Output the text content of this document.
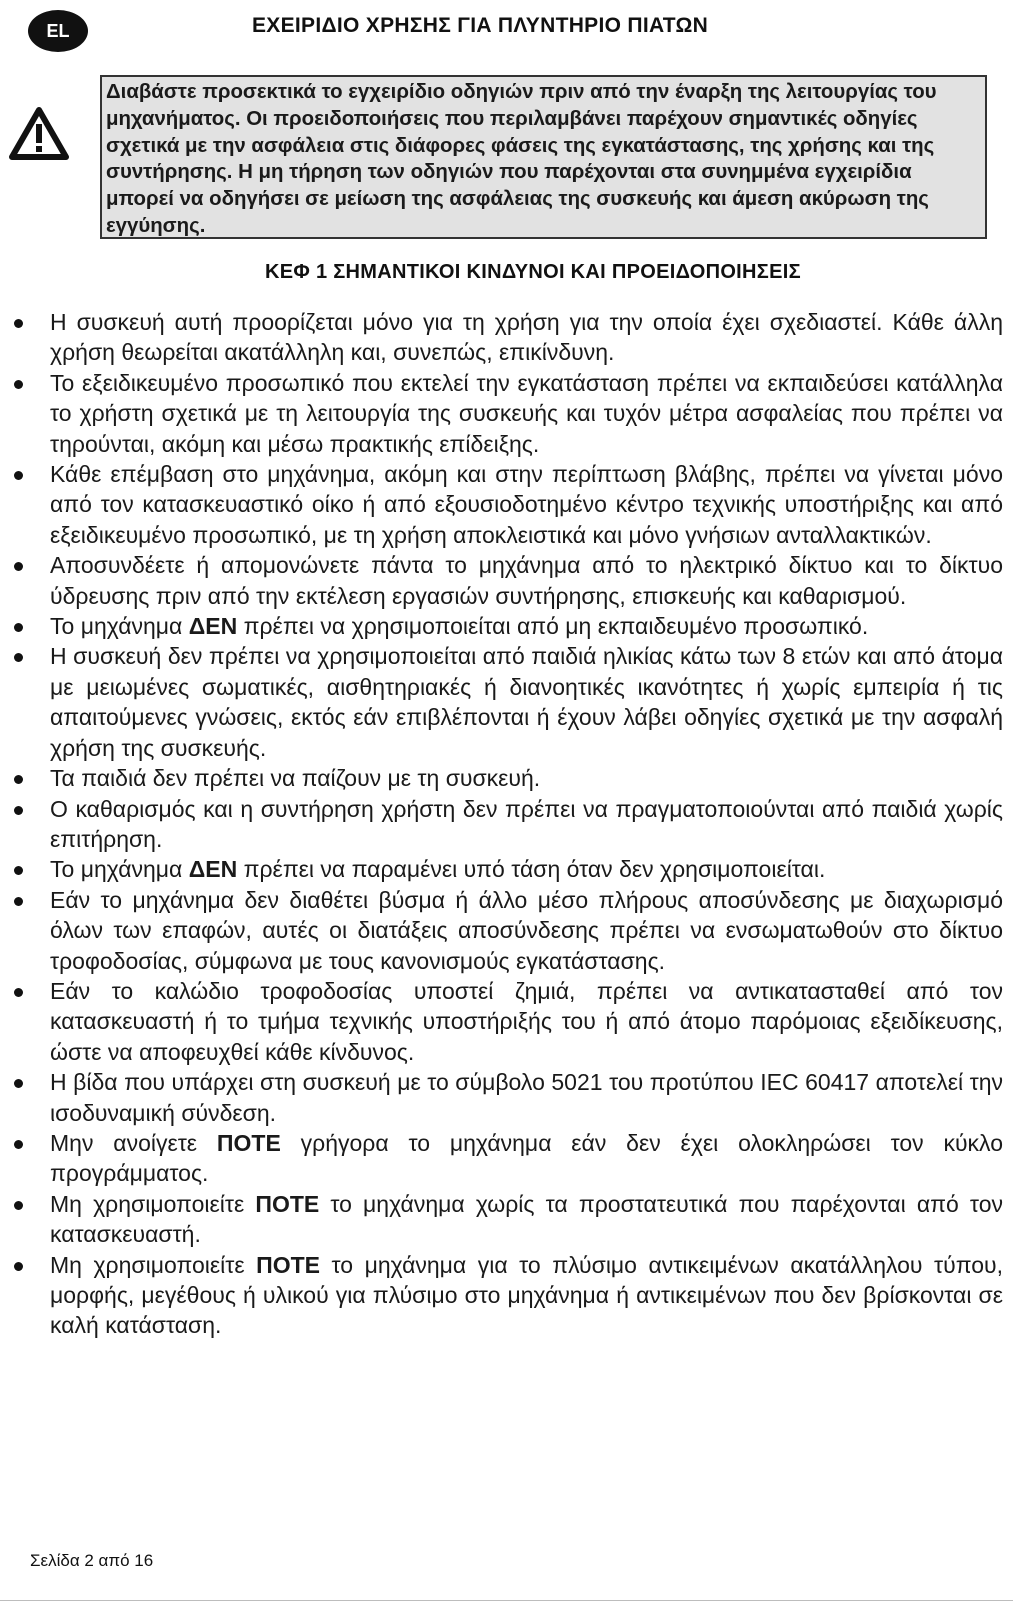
EL	ΕΧΕΙΡΙΔΙΟ ΧΡΗΣΗΣ ΓΙΑ ΠΛΥΝΤΗΡΙΟ ΠΙΑΤΩΝ
Διαβάστε προσεκτικά το εγχειρίδιο οδηγιών πριν από την έναρξη της λειτουργίας του μηχανήματος. Οι προειδοποιήσεις που περιλαμβάνει παρέχουν σημαντικές οδηγίες σχετικά με την ασφάλεια στις διάφορες φάσεις της εγκατάστασης, της χρήσης και της συντήρησης. Η μη τήρηση των οδηγιών που παρέχονται στα συνημμένα εγχειρίδια μπορεί να οδηγήσει σε μείωση της ασφάλειας της συσκευής και άμεση ακύρωση της εγγύησης.
ΚΕΦ 1 ΣΗΜΑΝΤΙΚΟΙ ΚΙΝΔΥΝΟΙ ΚΑΙ ΠΡΟΕΙΔΟΠΟΙΗΣΕΙΣ
Η συσκευή αυτή προορίζεται μόνο για τη χρήση για την οποία έχει σχεδιαστεί. Κάθε άλλη χρήση θεωρείται ακατάλληλη και, συνεπώς, επικίνδυνη.
Το εξειδικευμένο προσωπικό που εκτελεί την εγκατάσταση πρέπει να εκπαιδεύσει κατάλληλα το χρήστη σχετικά με τη λειτουργία της συσκευής και τυχόν μέτρα ασφαλείας που πρέπει να τηρούνται, ακόμη και μέσω πρακτικής επίδειξης.
Κάθε επέμβαση στο μηχάνημα, ακόμη και στην περίπτωση βλάβης, πρέπει να γίνεται μόνο από τον κατασκευαστικό οίκο ή από εξουσιοδοτημένο κέντρο τεχνικής υποστήριξης και από εξειδικευμένο προσωπικό, με τη χρήση αποκλειστικά και μόνο γνήσιων ανταλλακτικών.
Αποσυνδέετε ή απομονώνετε πάντα το μηχάνημα από το ηλεκτρικό δίκτυο και το δίκτυο ύδρευσης πριν από την εκτέλεση εργασιών συντήρησης, επισκευής και καθαρισμού.
Το μηχάνημα ΔΕΝ πρέπει να χρησιμοποιείται από μη εκπαιδευμένο προσωπικό.
Η συσκευή δεν πρέπει να χρησιμοποιείται από παιδιά ηλικίας κάτω των 8 ετών και από άτομα με μειωμένες σωματικές, αισθητηριακές ή διανοητικές ικανότητες ή χωρίς εμπειρία ή τις απαιτούμενες γνώσεις, εκτός εάν επιβλέπονται ή έχουν λάβει οδηγίες σχετικά με την ασφαλή χρήση της συσκευής.
Τα παιδιά δεν πρέπει να παίζουν με τη συσκευή.
Ο καθαρισμός και η συντήρηση χρήστη δεν πρέπει να πραγματοποιούνται από παιδιά χωρίς επιτήρηση.
Το μηχάνημα ΔΕΝ πρέπει να παραμένει υπό τάση όταν δεν χρησιμοποιείται.
Εάν το μηχάνημα δεν διαθέτει βύσμα ή άλλο μέσο πλήρους αποσύνδεσης με διαχωρισμό όλων των επαφών, αυτές οι διατάξεις αποσύνδεσης πρέπει να ενσωματωθούν στο δίκτυο τροφοδοσίας, σύμφωνα με τους κανονισμούς εγκατάστασης.
Εάν το καλώδιο τροφοδοσίας υποστεί ζημιά, πρέπει να αντικατασταθεί από τον κατασκευαστή ή το τμήμα τεχνικής υποστήριξής του ή από άτομο παρόμοιας εξειδίκευσης, ώστε να αποφευχθεί κάθε κίνδυνος.
Η βίδα που υπάρχει στη συσκευή με το σύμβολο 5021 του προτύπου IEC 60417 αποτελεί την ισοδυναμική σύνδεση.
Μην ανοίγετε ΠΟΤΕ γρήγορα το μηχάνημα εάν δεν έχει ολοκληρώσει τον κύκλο προγράμματος.
Μη χρησιμοποιείτε ΠΟΤΕ το μηχάνημα χωρίς τα προστατευτικά που παρέχονται από τον κατασκευαστή.
Μη χρησιμοποιείτε ΠΟΤΕ το μηχάνημα για το πλύσιμο αντικειμένων ακατάλληλου τύπου, μορφής, μεγέθους ή υλικού για πλύσιμο στο μηχάνημα ή αντικειμένων που δεν βρίσκονται σε καλή κατάσταση.
Σελίδα 2 από 16
